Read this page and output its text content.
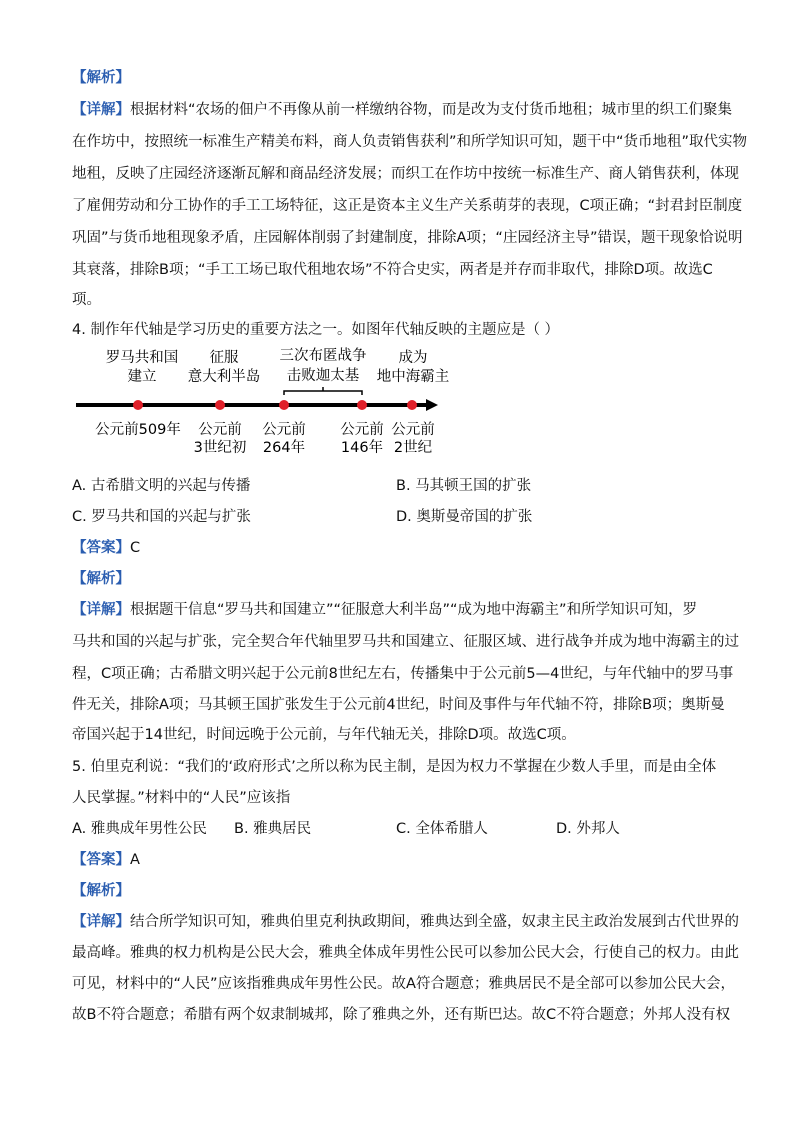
【解析】
【详解】根据材料“农场的佃户不再像从前一样缴纳谷物，而是改为支付货币地租；城市里的织工们聚集
在作坊中，按照统一标准生产精美布料，商人负责销售获利”和所学知识可知，题干中“货币地租”取代实物
地租，反映了庄园经济逐渐瓦解和商品经济发展；而织工在作坊中按统一标准生产、商人销售获利，体现
了雇佣劳动和分工协作的手工工场特征，这正是资本主义生产关系萌芽的表现，C项正确；“封君封臣制度
巩固”与货币地租现象矛盾，庄园解体削弱了封建制度，排除A项；“庄园经济主导”错误，题干现象恰说明
其衰落，排除B项；“手工工场已取代租地农场”不符合史实，两者是并存而非取代，排除D项。故选C
项。
4. 制作年代轴是学习历史的重要方法之一。如图年代轴反映的主题应是（ ）
罗马共和国
建立
征服
意大利半岛
三次布匿战争
击败迦太基
成为
地中海霸主
公元前509年 公元前
3世纪初
公元前
264年
公元前
146年
公元前
2世纪
A. 古希腊文明的兴起与传播	B. 马其顿王国的扩张
C. 罗马共和国的兴起与扩张	D. 奥斯曼帝国的扩张
【答案】C
【解析】
【详解】根据题干信息“罗马共和国建立”“征服意大利半岛”“成为地中海霸主”和所学知识可知，罗
马共和国的兴起与扩张，完全契合年代轴里罗马共和国建立、征服区域、进行战争并成为地中海霸主的过
程，C项正确；古希腊文明兴起于公元前8世纪左右，传播集中于公元前5—4世纪，与年代轴中的罗马事
件无关，排除A项；马其顿王国扩张发生于公元前4世纪，时间及事件与年代轴不符，排除B项；奥斯曼
帝国兴起于14世纪，时间远晚于公元前，与年代轴无关，排除D项。故选C项。
5. 伯里克利说：“我们的‘政府形式’之所以称为民主制，是因为权力不掌握在少数人手里，而是由全体
人民掌握。”材料中的“人民”应该指
A. 雅典成年男性公民 B. 雅典居民	C. 全体希腊人	D. 外邦人
【答案】A
【解析】
【详解】结合所学知识可知，雅典伯里克利执政期间，雅典达到全盛，奴隶主民主政治发展到古代世界的
最高峰。雅典的权力机构是公民大会，雅典全体成年男性公民可以参加公民大会，行使自己的权力。由此
可见，材料中的“人民”应该指雅典成年男性公民。故A符合题意；雅典居民不是全部可以参加公民大会，
故B不符合题意；希腊有两个奴隶制城邦，除了雅典之外，还有斯巴达。故C不符合题意；外邦人没有权
